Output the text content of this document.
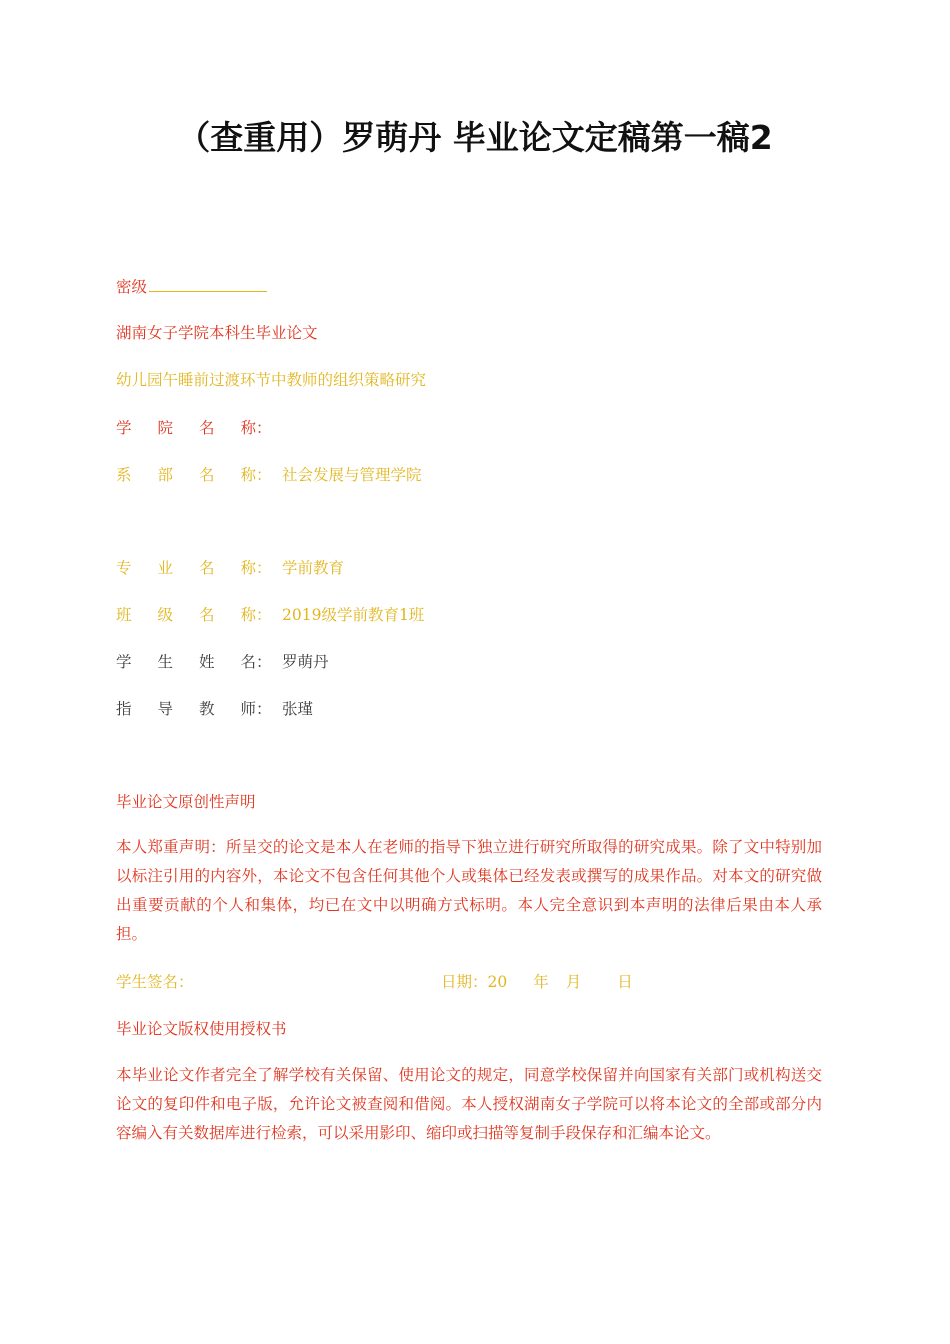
（查重用）罗萌丹 毕业论文定稿第一稿2
密级
湖南女子学院本科生毕业论文
幼儿园午睡前过渡环节中教师的组织策略研究
学 院 名 称：
系 部 名 称： 社会发展与管理学院
专 业 名 称： 学前教育
班 级 名 称： 2019级学前教育1班
学 生 姓 名： 罗萌丹
指 导 教 师： 张瑾
毕业论文原创性声明
本人郑重声明：所呈交的论文是本人在老师的指导下独立进行研究所取得的研究成果。除了文中特别加以标注引用的内容外，本论文不包含任何其他个人或集体已经发表或撰写的成果作品。对本文的研究做出重要贡献的个人和集体，均已在文中以明确方式标明。本人完全意识到本声明的法律后果由本人承担。
学生签名：	日期：20 年 月 日
毕业论文版权使用授权书
本毕业论文作者完全了解学校有关保留、使用论文的规定，同意学校保留并向国家有关部门或机构送交论文的复印件和电子版，允许论文被查阅和借阅。本人授权湖南女子学院可以将本论文的全部或部分内容编入有关数据库进行检索，可以采用影印、缩印或扫描等复制手段保存和汇编本论文。
